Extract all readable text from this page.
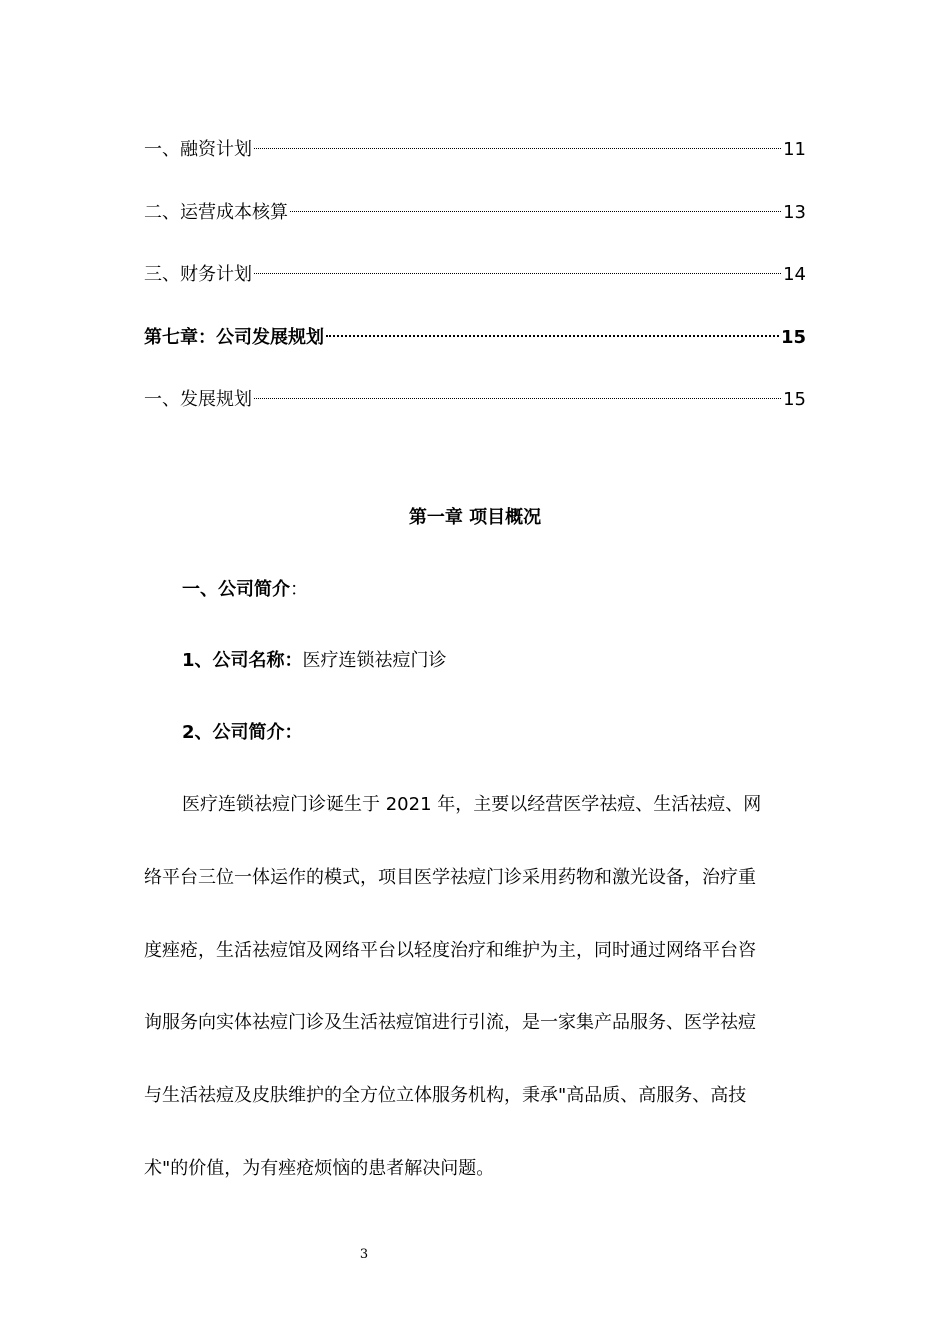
一、融资计划	11
二、运营成本核算	13
三、财务计划	14
第七章：公司发展规划	15
一、发展规划	15
第一章 项目概况
一、公司简介：
1、公司名称：医疗连锁祛痘门诊
2、公司简介：
医疗连锁祛痘门诊诞生于 2021 年，主要以经营医学祛痘、生活祛痘、网
络平台三位一体运作的模式，项目医学祛痘门诊采用药物和激光设备，治疗重
度痤疮，生活祛痘馆及网络平台以轻度治疗和维护为主，同时通过网络平台咨
询服务向实体祛痘门诊及生活祛痘馆进行引流，是一家集产品服务、医学祛痘
与生活祛痘及皮肤维护的全方位立体服务机构，秉承"高品质、高服务、高技
术"的价值，为有痤疮烦恼的患者解决问题。
3
